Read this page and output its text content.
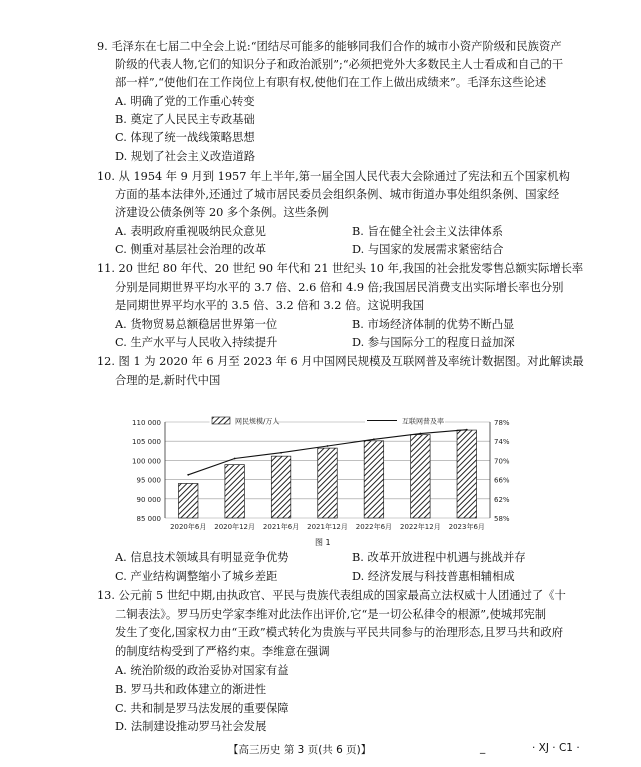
9. 毛泽东在七届二中全会上说:“团结尽可能多的能够同我们合作的城市小资产阶级和民族资产
阶级的代表人物,它们的知识分子和政治派别”;“必须把党外大多数民主人士看成和自己的干
部一样”,“使他们在工作岗位上有职有权,使他们在工作上做出成绩来”。毛泽东这些论述
A. 明确了党的工作重心转变
B. 奠定了人民民主专政基础
C. 体现了统一战线策略思想
D. 规划了社会主义改造道路
10. 从 1954 年 9 月到 1957 年上半年,第一届全国人民代表大会除通过了宪法和五个国家机构
方面的基本法律外,还通过了城市居民委员会组织条例、城市街道办事处组织条例、国家经
济建设公债条例等 20 多个条例。这些条例
A. 表明政府重视吸纳民众意见	B. 旨在健全社会主义法律体系
C. 侧重对基层社会治理的改革	D. 与国家的发展需求紧密结合
11. 20 世纪 80 年代、20 世纪 90 年代和 21 世纪头 10 年,我国的社会批发零售总额实际增长率
分别是同期世界平均水平的 3.7 倍、2.6 倍和 4.9 倍;我国居民消费支出实际增长率也分别
是同期世界平均水平的 3.5 倍、3.2 倍和 3.2 倍。这说明我国
A. 货物贸易总额稳居世界第一位	B. 市场经济体制的优势不断凸显
C. 生产水平与人民收入持续提升	D. 参与国际分工的程度日益加深
12. 图 1 为 2020 年 6 月至 2023 年 6 月中国网民规模及互联网普及率统计数据图。对此解读最
合理的是,新时代中国
85 000
90 000
95 000
100 000
105 000
110 000
58%
62%
66%
70%
74%
78%
2020年6月 2020年12月 2021年6月 2021年12月 2022年6月 2022年12月 2023年6月
网民规模/万人	互联网普及率
图 1
A. 信息技术领域具有明显竞争优势	B. 改革开放进程中机遇与挑战并存
C. 产业结构调整缩小了城乡差距	D. 经济发展与科技普惠相辅相成
13. 公元前 5 世纪中期,由执政官、平民与贵族代表组成的国家最高立法权威十人团通过了《十
二铜表法》。罗马历史学家李维对此法作出评价,它“是一切公私律令的根源”,使城邦宪制
发生了变化,国家权力由“王政”模式转化为贵族与平民共同参与的治理形态,且罗马共和政府
的制度结构受到了严格约束。李维意在强调
A. 统治阶级的政治妥协对国家有益
B. 罗马共和政体建立的渐进性
C. 共和制是罗马法发展的重要保障
D. 法制建设推动罗马社会发展
【高三历史 第 3 页(共 6 页)】	_	· XJ · C1 ·
